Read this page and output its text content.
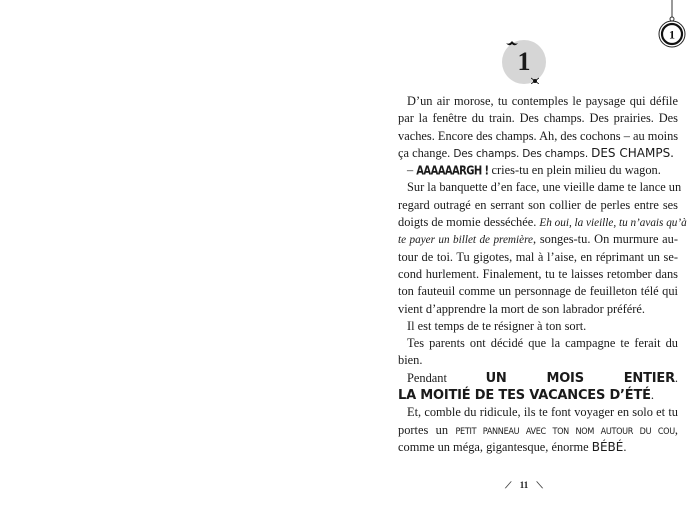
1
1
D’un air morose, tu contemples le paysage qui défile
par la fenêtre du train. Des champs. Des prairies. Des
vaches. Encore des champs. Ah, des cochons – au moins
ça change. Des champs. Des champs. DES CHAMPS.
– AAAAAARGH ! cries-tu en plein milieu du wagon.
Sur la banquette d’en face, une vieille dame te lance un
regard outragé en serrant son collier de perles entre ses
doigts de momie desséchée. Eh oui, la vieille, tu n’avais qu’à
te payer un billet de première, songes-tu. On murmure au-
tour de toi. Tu gigotes, mal à l’aise, en réprimant un se-
cond hurlement. Finalement, tu te laisses retomber dans
ton fauteuil comme un personnage de feuilleton télé qui
vient d’apprendre la mort de son labrador préféré.
Il est temps de te résigner à ton sort.
Tes parents ont décidé que la campagne te ferait du
bien.
Pendant UN MOIS ENTIER.
LA MOITIÉ DE TES VACANCES D’ÉTÉ.
Et, comble du ridicule, ils te font voyager en solo et tu
portes un PETIT PANNEAU AVEC TON NOM AUTOUR DU COU,
comme un méga, gigantesque, énorme BÉBÉ.
⟋ 11 ⟍
